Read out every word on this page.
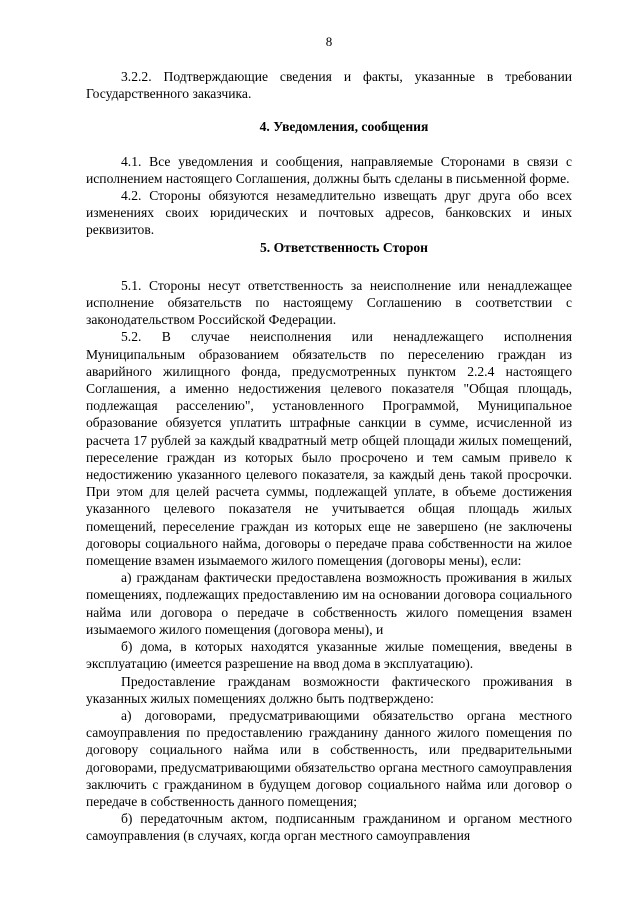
8

3.2.2. Подтверждающие сведения и факты, указанные в требовании Государственного заказчика.

4. Уведомления, сообщения

4.1. Все уведомления и сообщения, направляемые Сторонами в связи с исполнением настоящего Соглашения, должны быть сделаны в письменной форме.

4.2. Стороны обязуются незамедлительно извещать друг друга обо всех изменениях своих юридических и почтовых адресов, банковских и иных реквизитов.

5. Ответственность Сторон

5.1. Стороны несут ответственность за неисполнение или ненадлежащее исполнение обязательств по настоящему Соглашению в соответствии с законодательством Российской Федерации.

5.2. В случае неисполнения или ненадлежащего исполнения Муниципальным образованием обязательств по переселению граждан из аварийного жилищного фонда, предусмотренных пунктом 2.2.4 настоящего Соглашения, а именно недостижения целевого показателя "Общая площадь, подлежащая расселению", установленного Программой, Муниципальное образование обязуется уплатить штрафные санкции в сумме, исчисленной из расчета 17 рублей за каждый квадратный метр общей площади жилых помещений, переселение граждан из которых было просрочено и тем самым привело к недостижению указанного целевого показателя, за каждый день такой просрочки. При этом для целей расчета суммы, подлежащей уплате, в объеме достижения указанного целевого показателя не учитывается общая площадь жилых помещений, переселение граждан из которых еще не завершено (не заключены договоры социального найма, договоры о передаче права собственности на жилое помещение взамен изымаемого жилого помещения (договоры мены), если:

а) гражданам фактически предоставлена возможность проживания в жилых помещениях, подлежащих предоставлению им на основании договора социального найма или договора о передаче в собственность жилого помещения взамен изымаемого жилого помещения (договора мены), и

б) дома, в которых находятся указанные жилые помещения, введены в эксплуатацию (имеется разрешение на ввод дома в эксплуатацию).

Предоставление гражданам возможности фактического проживания в указанных жилых помещениях должно быть подтверждено:

а) договорами, предусматривающими обязательство органа местного самоуправления по предоставлению гражданину данного жилого помещения по договору социального найма или в собственность, или предварительными договорами, предусматривающими обязательство органа местного самоуправления заключить с гражданином в будущем договор социального найма или договор о передаче в собственность данного помещения;

б) передаточным актом, подписанным гражданином и органом местного самоуправления (в случаях, когда орган местного самоуправления
